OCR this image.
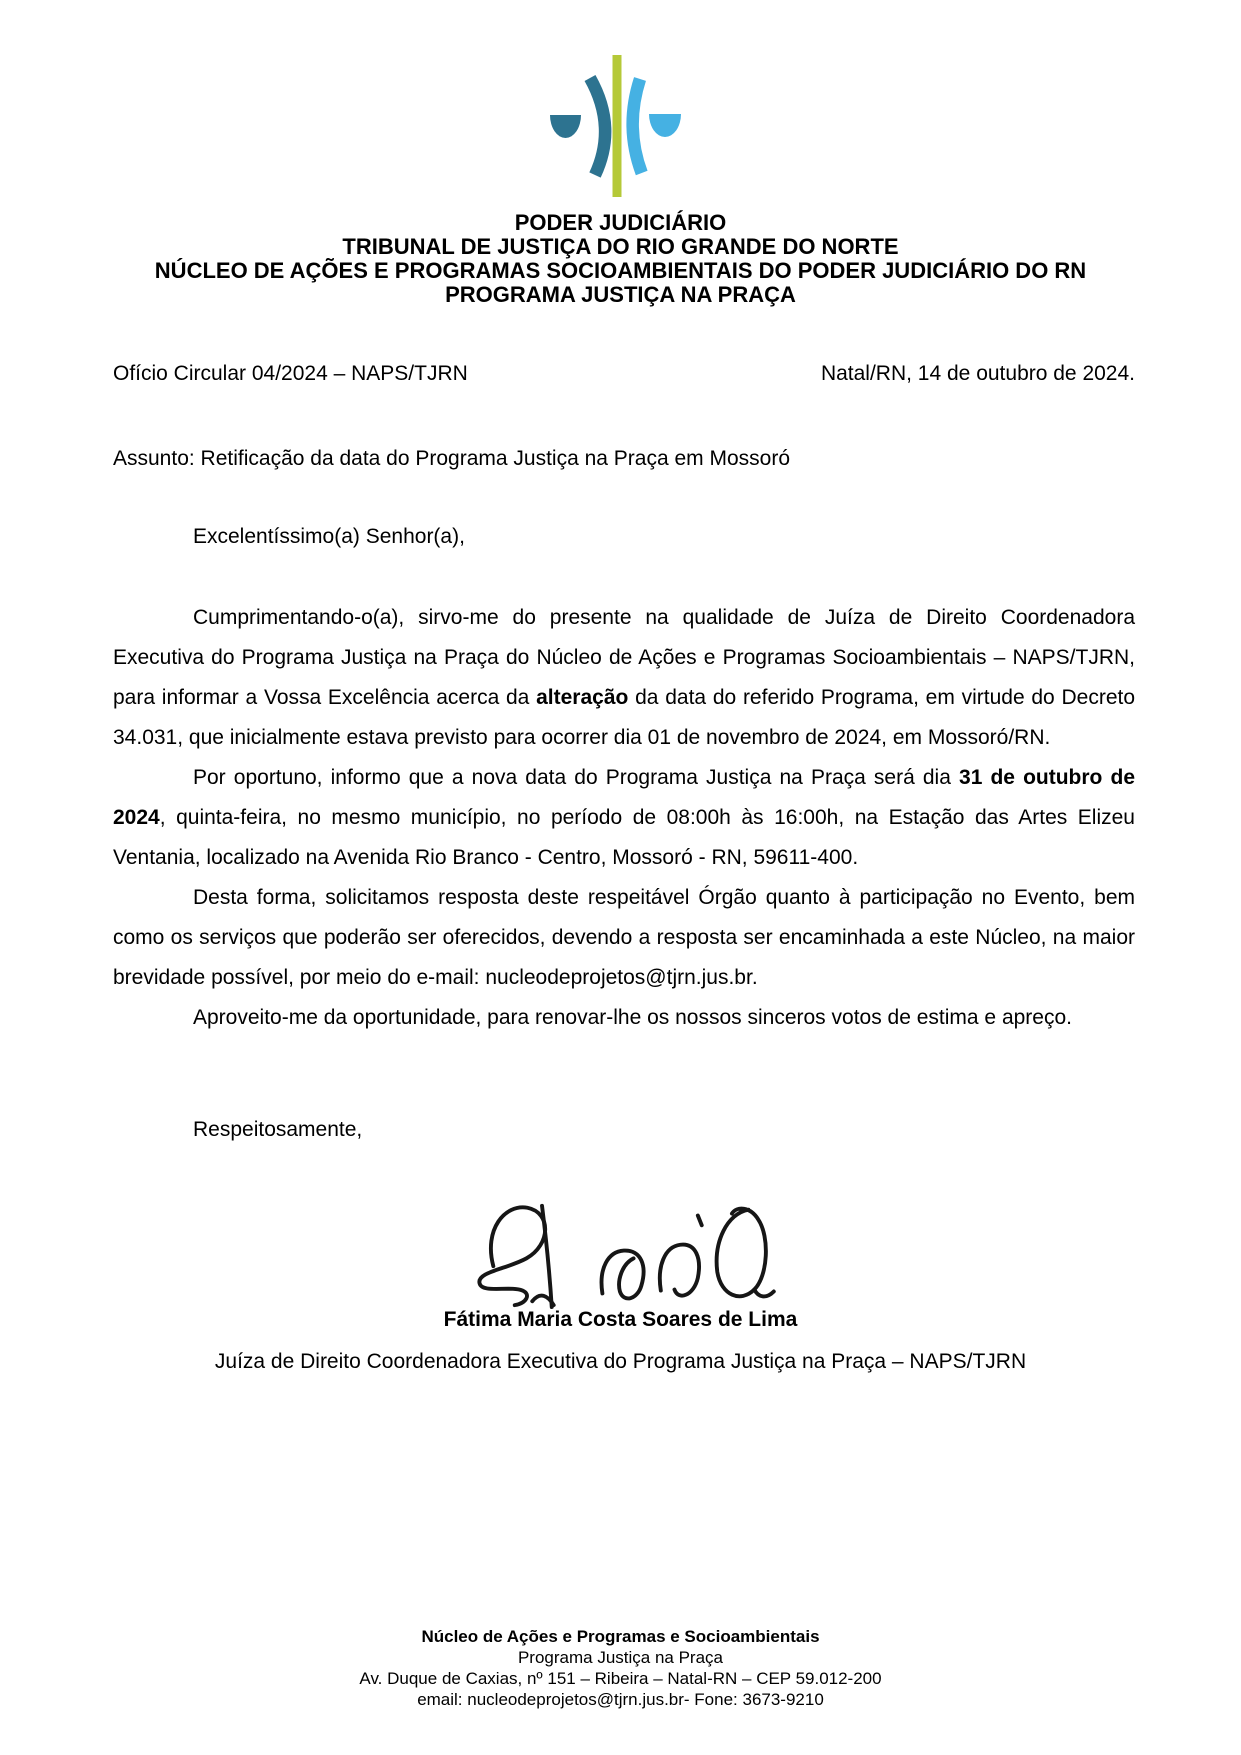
PODER JUDICIÁRIO
TRIBUNAL DE JUSTIÇA DO RIO GRANDE DO NORTE
NÚCLEO DE AÇÕES E PROGRAMAS SOCIOAMBIENTAIS DO PODER JUDICIÁRIO DO RN
PROGRAMA JUSTIÇA NA PRAÇA
Ofício Circular 04/2024 – NAPS/TJRN	Natal/RN, 14 de outubro de 2024.
Assunto: Retificação da data do Programa Justiça na Praça em Mossoró
Excelentíssimo(a) Senhor(a),

Cumprimentando-o(a), sirvo-me do presente na qualidade de Juíza de Direito Coordenadora Executiva do Programa Justiça na Praça do Núcleo de Ações e Programas Socioambientais – NAPS/TJRN, para informar a Vossa Excelência acerca da alteração da data do referido Programa, em virtude do Decreto 34.031, que inicialmente estava previsto para ocorrer dia 01 de novembro de 2024, em Mossoró/RN.

Por oportuno, informo que a nova data do Programa Justiça na Praça será dia 31 de outubro de 2024, quinta-feira, no mesmo município, no período de 08:00h às 16:00h, na Estação das Artes Elizeu Ventania, localizado na Avenida Rio Branco - Centro, Mossoró - RN, 59611-400.

Desta forma, solicitamos resposta deste respeitável Órgão quanto à participação no Evento, bem como os serviços que poderão ser oferecidos, devendo a resposta ser encaminhada a este Núcleo, na maior brevidade possível, por meio do e-mail: nucleodeprojetos@tjrn.jus.br.

Aproveito-me da oportunidade, para renovar-lhe os nossos sinceros votos de estima e apreço.

Respeitosamente,
Fátima Maria Costa Soares de Lima
Juíza de Direito Coordenadora Executiva do Programa Justiça na Praça – NAPS/TJRN
Núcleo de Ações e Programas e Socioambientais
Programa Justiça na Praça
Av. Duque de Caxias, nº 151 – Ribeira – Natal-RN – CEP 59.012-200
email: nucleodeprojetos@tjrn.jus.br- Fone: 3673-9210
